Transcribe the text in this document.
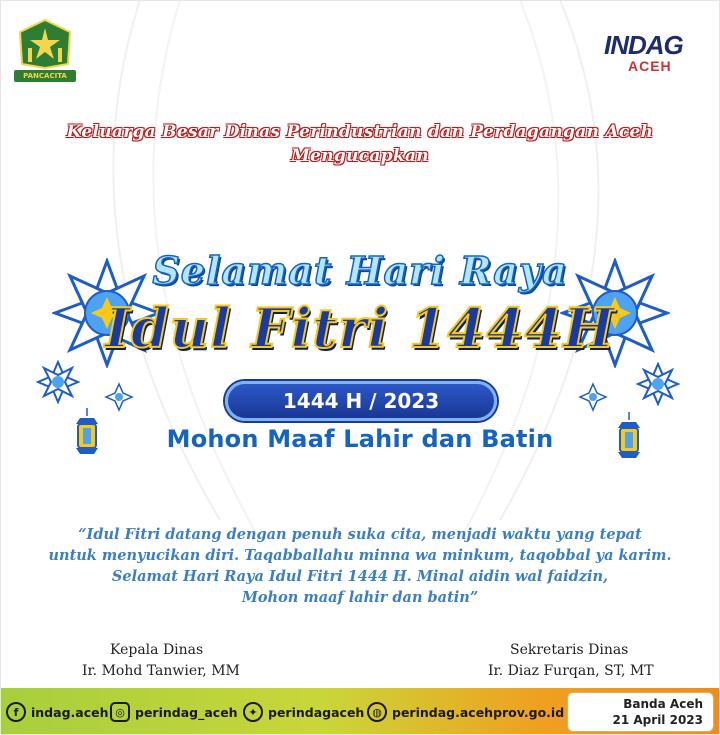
PANCACITA
INDAG
ACEH
Keluarga Besar Dinas Perindustrian dan Perdagangan Aceh
Mengucapkan
Selamat Hari Raya
Idul Fitri 1444H
1444 H / 2023
Mohon Maaf Lahir dan Batin
“Idul Fitri datang dengan penuh suka cita, menjadi waktu yang tepat
untuk menyucikan diri. Taqabballahu minna wa minkum, taqobbal ya karim.
Selamat Hari Raya Idul Fitri 1444 H. Minal aidin wal faidzin,
Mohon maaf lahir dan batin”
Kepala Dinas
Ir. Mohd Tanwier, MM
Sekretaris Dinas
Ir. Diaz Furqan, ST, MT
f	indag.aceh ◎ perindag_aceh ✦ perindagaceh ◍ perindag.acehprov.go.id
Banda Aceh
21 April 2023
